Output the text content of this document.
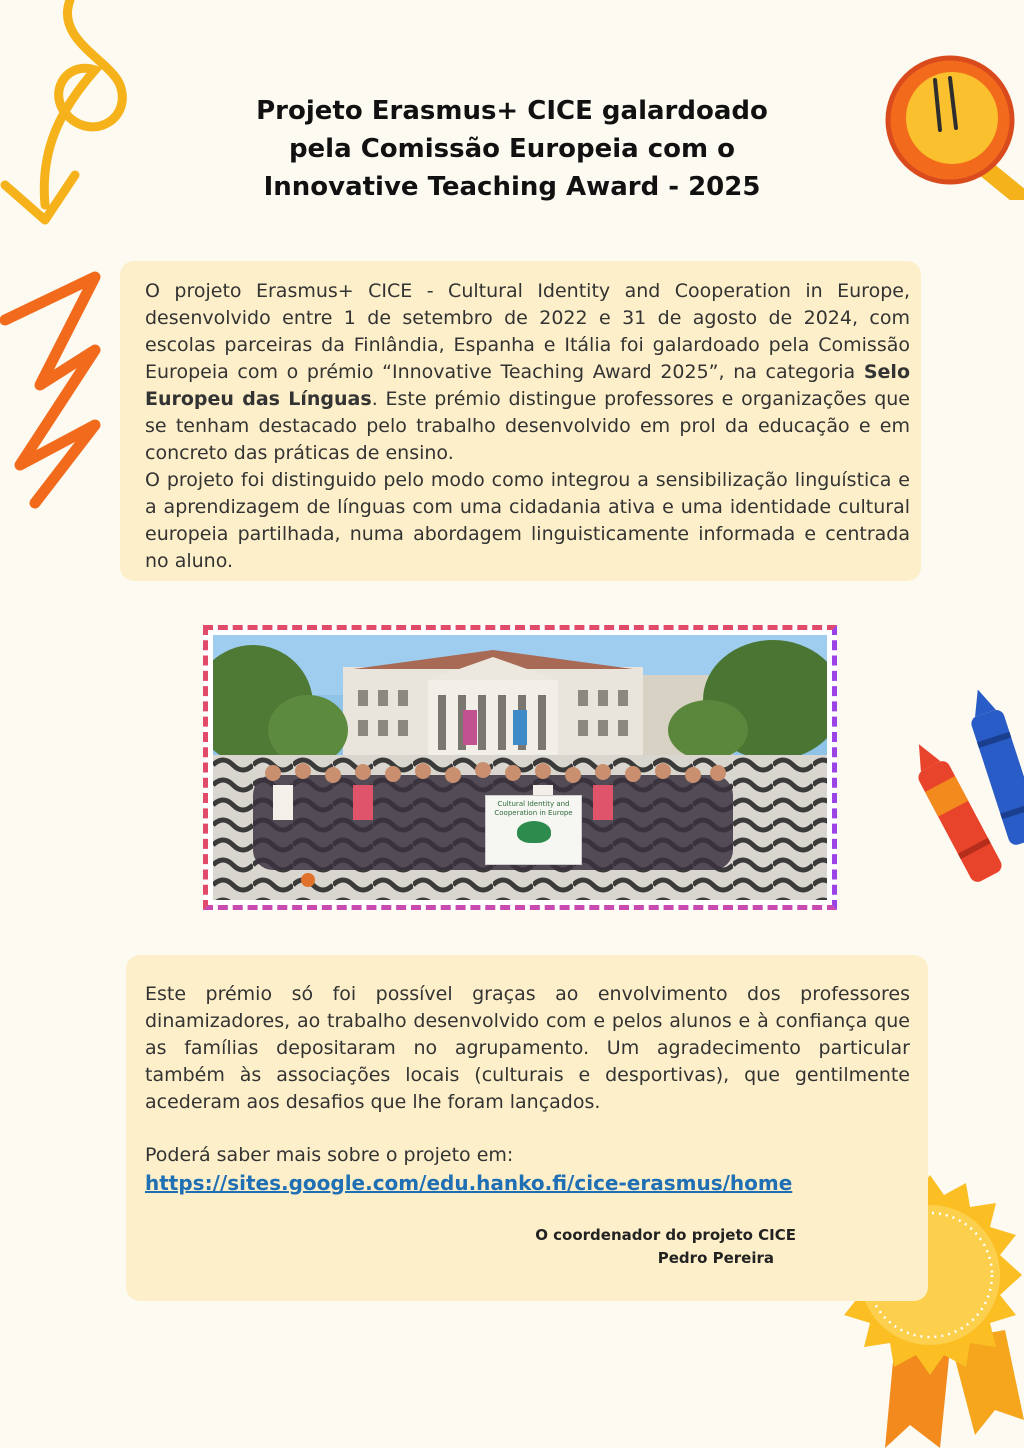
Projeto Erasmus+ CICE galardoado
pela Comissão Europeia com o
Innovative Teaching Award - 2025

O projeto Erasmus+ CICE - Cultural Identity and Cooperation in Europe, desenvolvido entre 1 de setembro de 2022 e 31 de agosto de 2024, com escolas parceiras da Finlândia, Espanha e Itália foi galardoado pela Comissão Europeia com o prémio “Innovative Teaching Award 2025”, na categoria Selo Europeu das Línguas. Este prémio distingue professores e organizações que se tenham destacado pelo trabalho desenvolvido em prol da educação e em concreto das práticas de ensino.

O projeto foi distinguido pelo modo como integrou a sensibilização linguística e a aprendizagem de línguas com uma cidadania ativa e uma identidade cultural europeia partilhada, numa abordagem linguisticamente informada e centrada no aluno.

Cultural Identity and
Cooperation in Europe

Este prémio só foi possível graças ao envolvimento dos professores dinamizadores, ao trabalho desenvolvido com e pelos alunos e à confiança que as famílias depositaram no agrupamento. Um agradecimento particular também às associações locais (culturais e desportivas), que gentilmente acederam aos desafios que lhe foram lançados.

Poderá saber mais sobre o projeto em:
https://sites.google.com/edu.hanko.fi/cice-erasmus/home
O coordenador do projeto CICE
Pedro Pereira
